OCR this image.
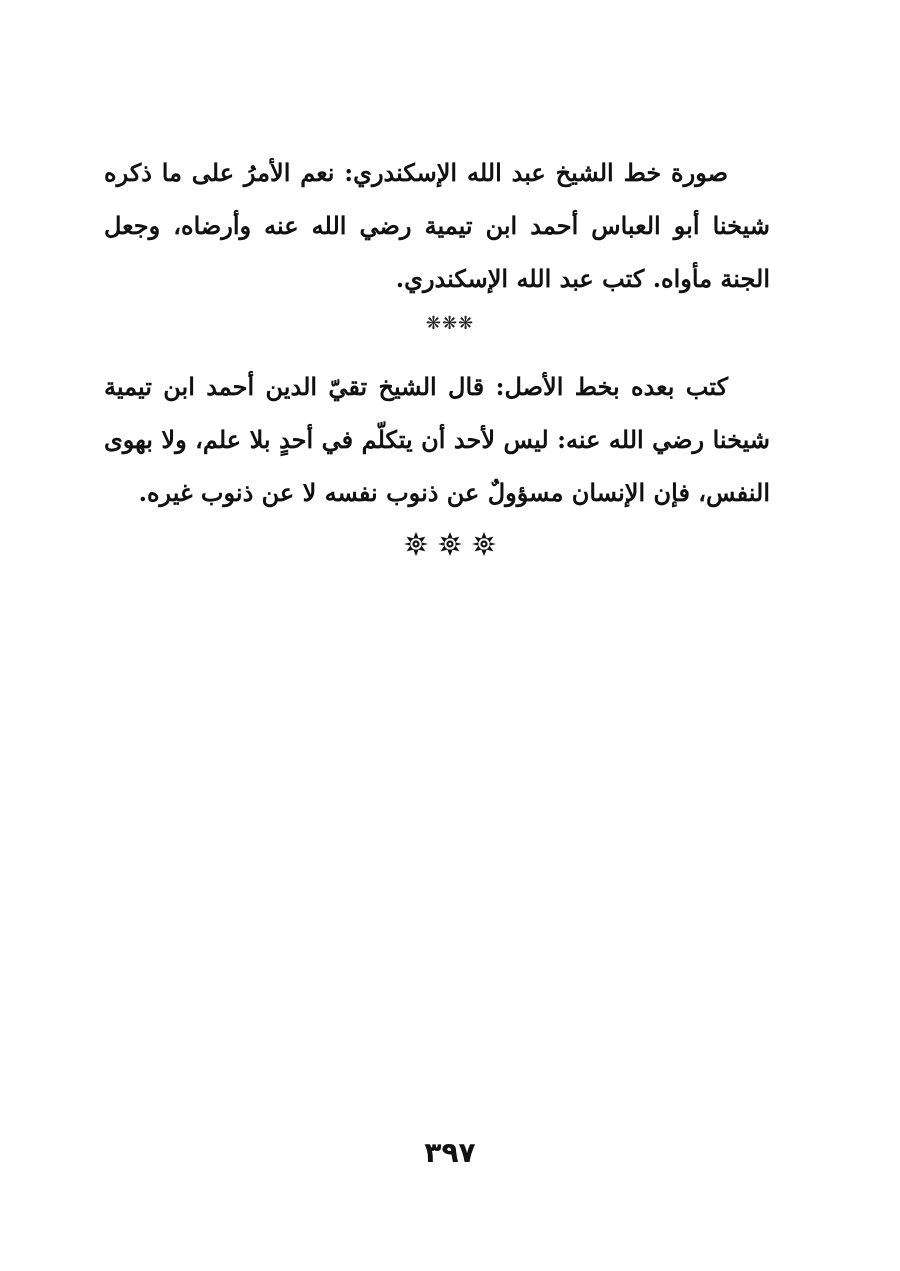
صورة خط الشيخ عبد الله الإسكندري: نعم الأمرُ على ما ذكره شيخنا أبو العباس أحمد ابن تيمية رضي الله عنه وأرضاه، وجعل الجنة مأواه. كتب عبد الله الإسكندري.

❋❋❋

كتب بعده بخط الأصل: قال الشيخ تقيّ الدين أحمد ابن تيمية شيخنا رضي الله عنه: ليس لأحد أن يتكلّم في أحدٍ بلا علم، ولا بهوى النفس، فإن الإنسان مسؤولٌ عن ذنوب نفسه لا عن ذنوب غيره.

٣٩٧
